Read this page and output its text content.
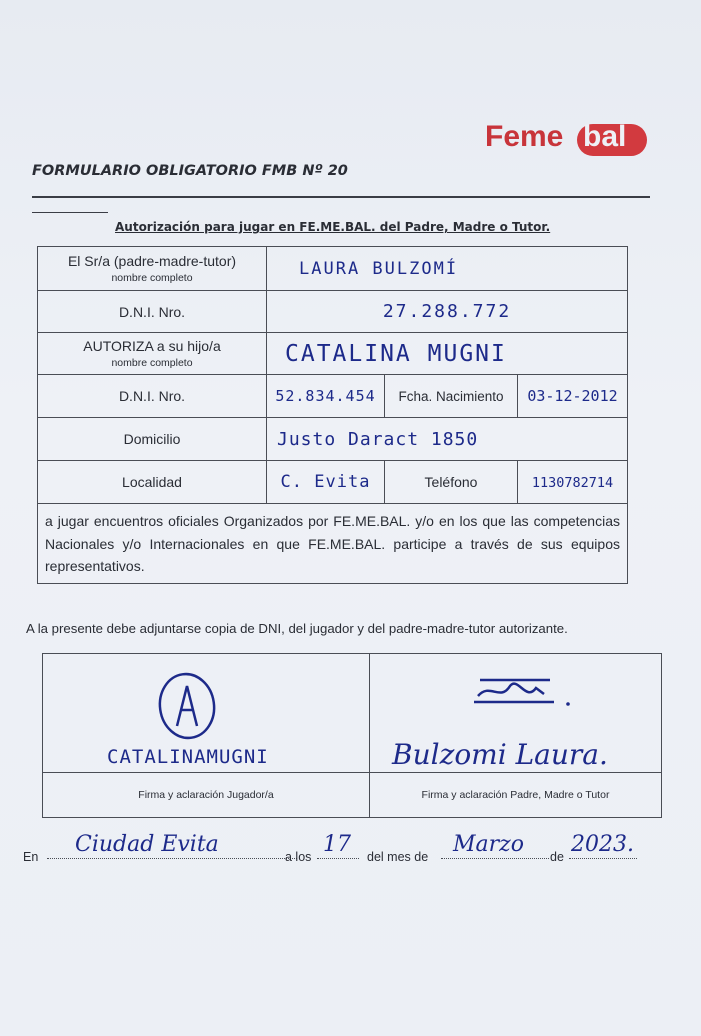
Feme bal
FORMULARIO OBLIGATORIO FMB Nº 20
Autorización para jugar en FE.ME.BAL. del Padre, Madre o Tutor.
El Sr/a (padre-madre-tutor)
nombre completo	LAURA BULZOMÍ		
D.N.I. Nro.	27.288.772		
AUTORIZA a su hijo/a
nombre completo	CATALINA MUGNI		
D.N.I. Nro.	52.834.454	Fcha. Nacimiento	03-12-2012
Domicilio	Justo Daract 1850		
Localidad	C. Evita	Teléfono	1130782714
a jugar encuentros oficiales Organizados por FE.ME.BAL. y/o en los que las competencias Nacionales y/o Internacionales en que FE.ME.BAL. participe a través de sus equipos representativos.			
A la presente debe adjuntarse copia de DNI, del jugador y del padre-madre-tutor autorizante.
CATALINAMUGNI	Bulzomi Laura.

Firma y aclaración Jugador/a	Firma y aclaración Padre, Madre o Tutor
En Ciudad Evita	a los 17 del mes de Marzo de 2023.
